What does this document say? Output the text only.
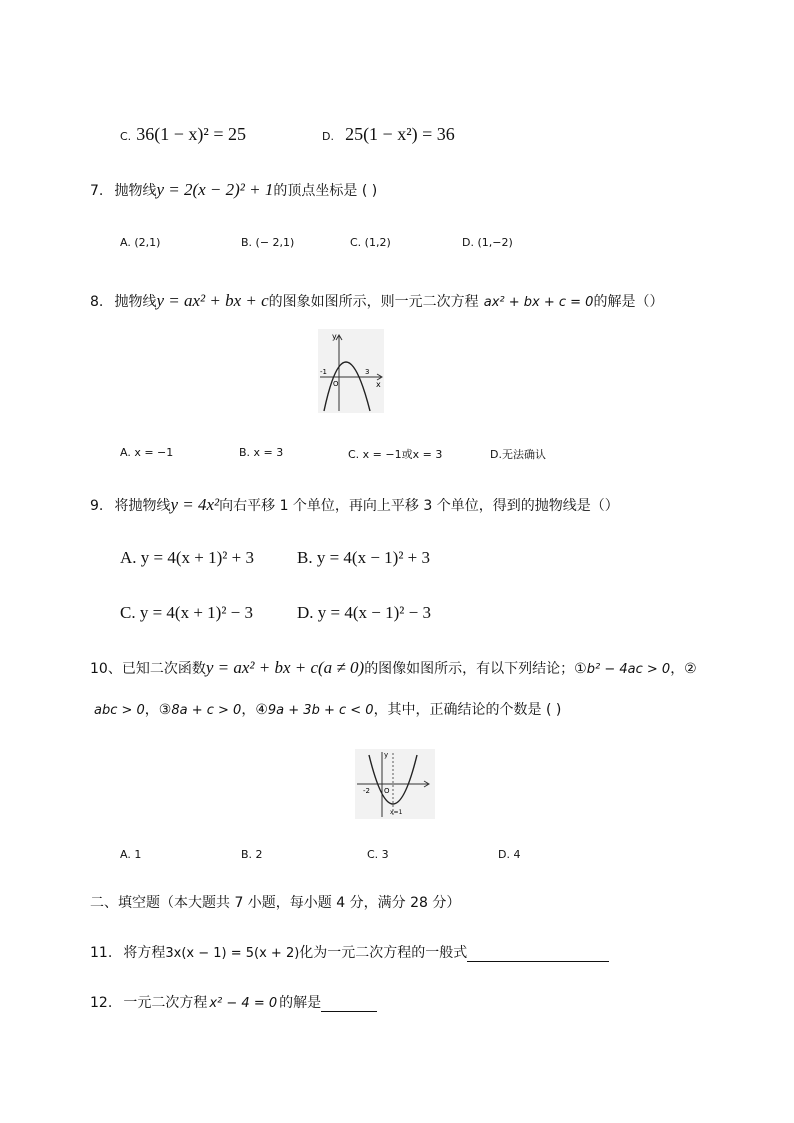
C. 36(1 − x)² = 25	D. 25(1 − x²) = 36
7. 抛物线y = 2(x − 2)² + 1的顶点坐标是 ( )
A. (2,1)	B. (− 2,1)	C. (1,2)	D. (1,−2)
8. 抛物线y = ax² + bx + c的图象如图所示，则一元二次方程 ax² + bx + c = 0的解是（）
y
x
O
-1	3
A. x = −1	B. x = 3	C. x = −1或x = 3	D.无法确认
9. 将抛物线y = 4x²向右平移 1 个单位，再向上平移 3 个单位，得到的抛物线是（）
A. y = 4(x + 1)² + 3	B. y = 4(x − 1)² + 3
C. y = 4(x + 1)² − 3	D. y = 4(x − 1)² − 3
10、已知二次函数y = ax² + bx + c(a ≠ 0)的图像如图所示，有以下列结论；①b² − 4ac > 0，②
abc > 0，③8a + c > 0，④9a + 3b + c < 0，其中，正确结论的个数是 ( )
y
O
-2
x=1
A. 1	B. 2	C. 3	D. 4
二、填空题（本大题共 7 小题，每小题 4 分，满分 28 分）
11. 将方程3x(x − 1) = 5(x + 2)化为一元二次方程的一般式
12. 一元二次方程 x² − 4 = 0 的解是
